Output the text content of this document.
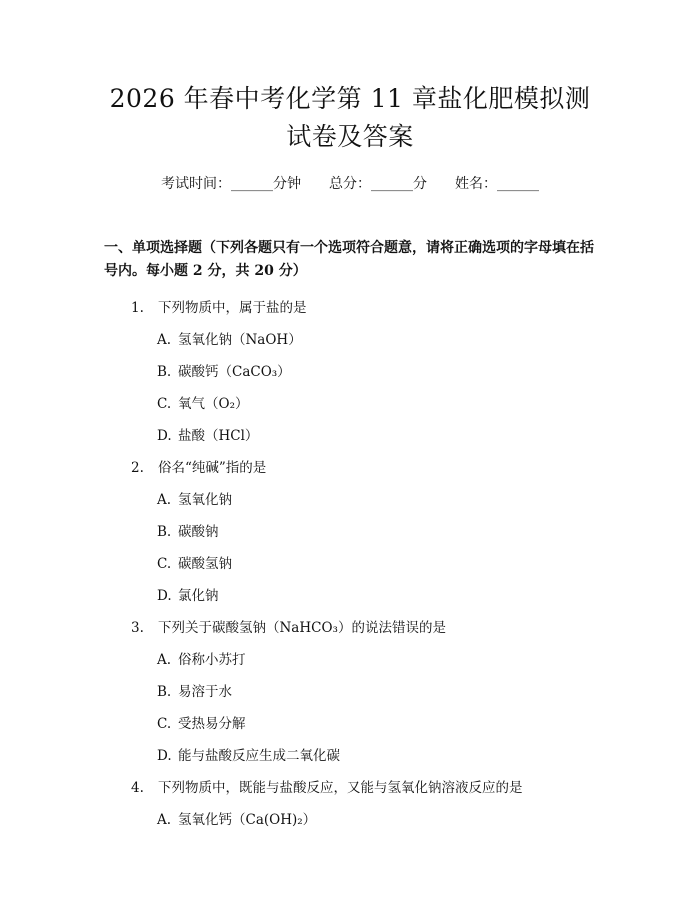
2026 年春中考化学第 11 章盐化肥模拟测试卷及答案
考试时间：______分钟 总分：______分 姓名：______
一、单项选择题（下列各题只有一个选项符合题意，请将正确选项的字母填在括号内。每小题 2 分，共 20 分）
1 .	下列物质中，属于盐的是
A . 氢氧化钠（NaOH）
B . 碳酸钙（CaCO₃）
C . 氧气（O₂）
D . 盐酸（HCl）
2 .	俗名“纯碱”指的是
A . 氢氧化钠
B . 碳酸钠
C . 碳酸氢钠
D . 氯化钠
3 .	下列关于碳酸氢钠（NaHCO₃）的说法错误的是
A . 俗称小苏打
B . 易溶于水
C . 受热易分解
D . 能与盐酸反应生成二氧化碳
4 .	下列物质中，既能与盐酸反应，又能与氢氧化钠溶液反应的是
A . 氢氧化钙（Ca(OH)₂）
